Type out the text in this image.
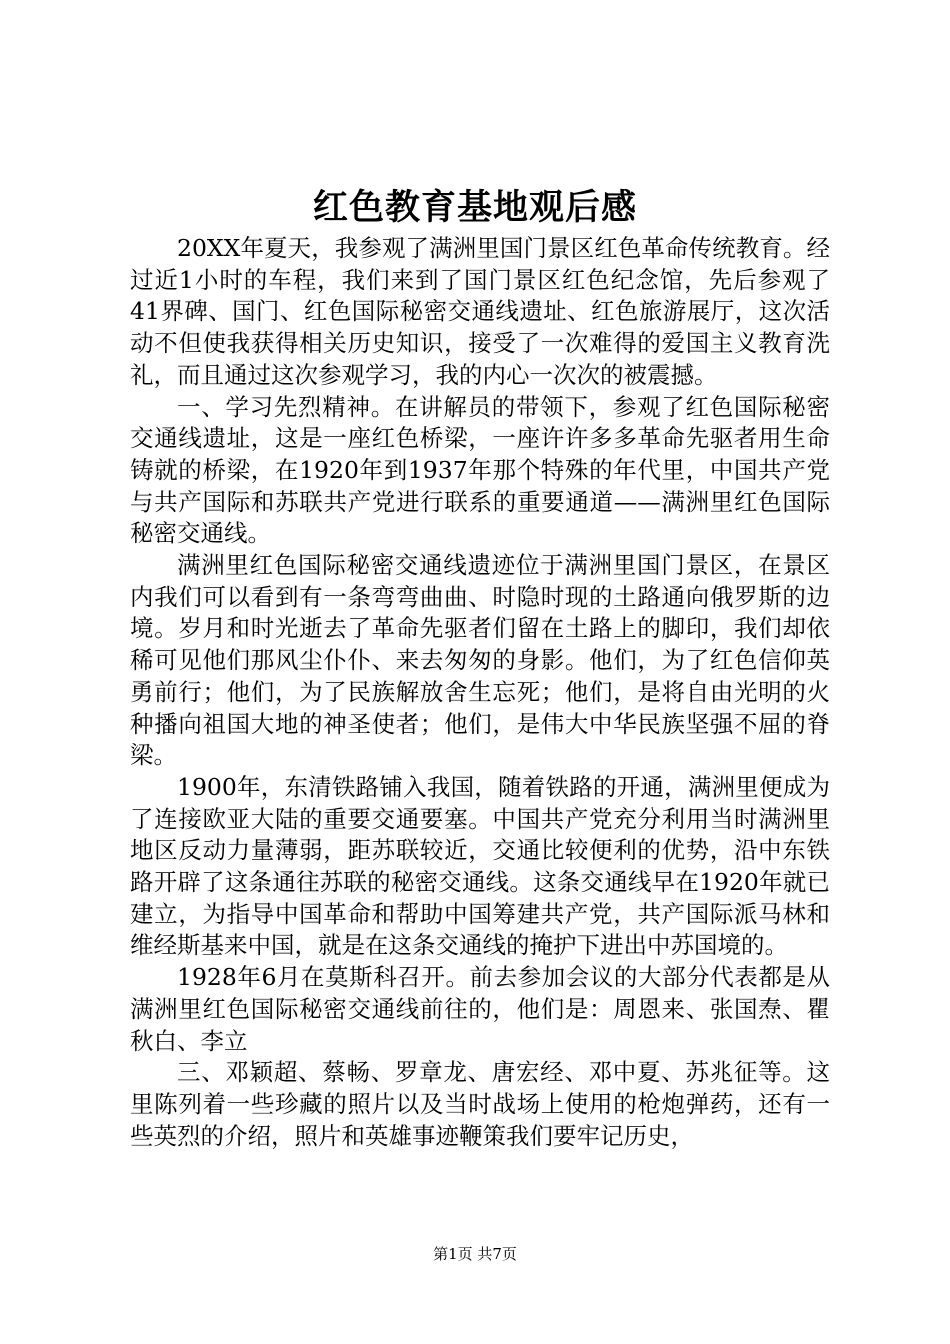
红色教育基地观后感

20XX年夏天，我参观了满洲里国门景区红色革命传统教育。经过近1小时的车程，我们来到了国门景区红色纪念馆，先后参观了41界碑、国门、红色国际秘密交通线遗址、红色旅游展厅，这次活动不但使我获得相关历史知识，接受了一次难得的爱国主义教育洗礼，而且通过这次参观学习，我的内心一次次的被震撼。

一、学习先烈精神。在讲解员的带领下，参观了红色国际秘密交通线遗址，这是一座红色桥梁，一座许许多多革命先驱者用生命铸就的桥梁，在1920年到1937年那个特殊的年代里，中国共产党与共产国际和苏联共产党进行联系的重要通道——满洲里红色国际秘密交通线。

满洲里红色国际秘密交通线遗迹位于满洲里国门景区，在景区内我们可以看到有一条弯弯曲曲、时隐时现的土路通向俄罗斯的边境。岁月和时光逝去了革命先驱者们留在土路上的脚印，我们却依稀可见他们那风尘仆仆、来去匆匆的身影。他们，为了红色信仰英勇前行；他们，为了民族解放舍生忘死；他们，是将自由光明的火种播向祖国大地的神圣使者；他们，是伟大中华民族坚强不屈的脊梁。

1900年，东清铁路铺入我国，随着铁路的开通，满洲里便成为了连接欧亚大陆的重要交通要塞。中国共产党充分利用当时满洲里地区反动力量薄弱，距苏联较近，交通比较便利的优势，沿中东铁路开辟了这条通往苏联的秘密交通线。这条交通线早在1920年就已建立，为指导中国革命和帮助中国筹建共产党，共产国际派马林和维经斯基来中国，就是在这条交通线的掩护下进出中苏国境的。

1928年6月在莫斯科召开。前去参加会议的大部分代表都是从满洲里红色国际秘密交通线前往的，他们是：周恩来、张国焘、瞿秋白、李立

三、邓颖超、蔡畅、罗章龙、唐宏经、邓中夏、苏兆征等。这里陈列着一些珍藏的照片以及当时战场上使用的枪炮弹药，还有一些英烈的介绍，照片和英雄事迹鞭策我们要牢记历史，

第1页 共7页
